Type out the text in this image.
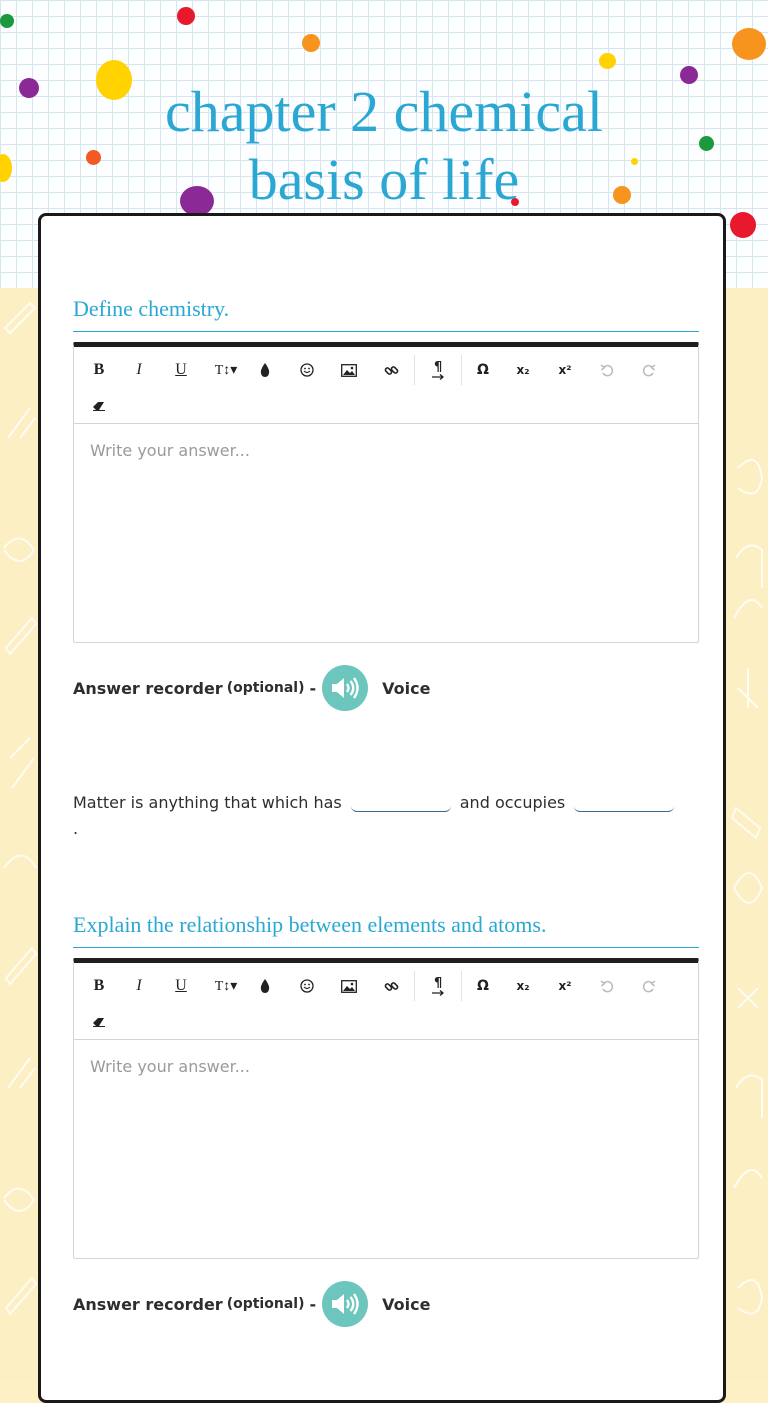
chapter 2 chemical
basis of life
Define chemistry.
B	I	U	T↕▾	¶	Ω	x₂	x²
Write your answer...
Answer recorder (optional) -	Voice
Matter is anything that which has	and occupies
.
Explain the relationship between elements and atoms.
B	I	U	T↕▾	¶	Ω	x₂	x²
Write your answer...
Answer recorder (optional) -	Voice
